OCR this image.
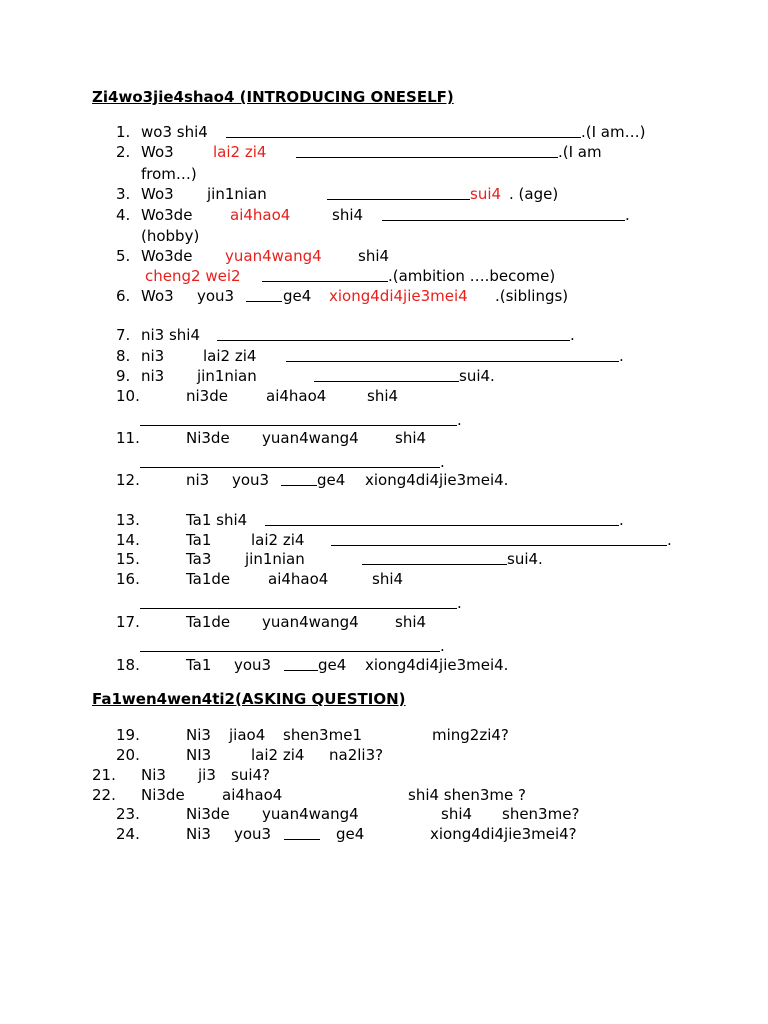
Zi4wo3jie4shao4 (INTRODUCING ONESELF)
1. wo3 shi4	.(I am…)
2. Wo3	lai2 zi4	.(I am
from…)
3. Wo3 jin1nian	sui4 . (age)
4. Wo3de	ai4hao4	shi4	.
(hobby)
5. Wo3de yuan4wang4 shi4
cheng2 wei2	.(ambition ….become)
6. Wo3 you3	ge4 xiong4di4jie3mei4 .(siblings)
7. ni3 shi4	.
8. ni3	lai2 zi4	.
9. ni3 jin1nian	sui4.
10.	ni3de	ai4hao4	shi4
.
11.	Ni3de yuan4wang4 shi4
.
12.	ni3 you3	ge4 xiong4di4jie3mei4.
13.	Ta1 shi4	.
14.	Ta1	lai2 zi4	.
15.	Ta3 jin1nian	sui4.
16.	Ta1de	ai4hao4	shi4
.
17.	Ta1de yuan4wang4 shi4
.
18.	Ta1 you3	ge4 xiong4di4jie3mei4.
Fa1wen4wen4ti2(ASKING QUESTION)
19.	Ni3 jiao4 shen3me1	ming2zi4?
20.	NI3	lai2 zi4 na2li3?
21. Ni3 ji3 sui4?
22. Ni3de ai4hao4	shi4 shen3me ?
23.	Ni3de yuan4wang4	shi4 shen3me?
24.	Ni3 you3	ge4	xiong4di4jie3mei4?
